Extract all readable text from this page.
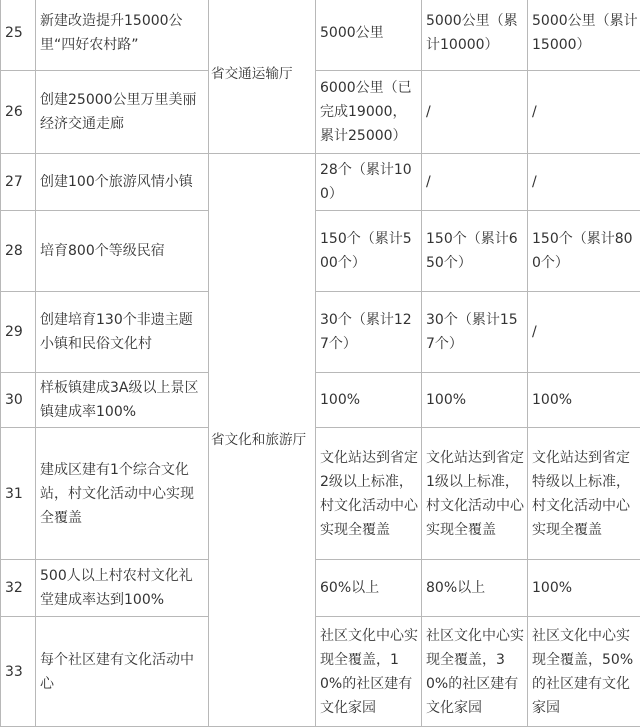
25	新建改造提升15000公里“四好农村路”	省交通运输厅	5000公里	5000公里（累计10000）	5000公里（累计15000）
26	创建25000公里万里美丽经济交通走廊		6000公里（已完成19000，累计25000）	/	/
27	创建100个旅游风情小镇	省文化和旅游厅	28个（累计100）	/	/
28	培育800个等级民宿		150个（累计500个）	150个（累计650个）	150个（累计800个）
29	创建培育130个非遗主题小镇和民俗文化村		30个（累计127个）	30个（累计157个）	/
30	样板镇建成3A级以上景区镇建成率100%		100%	100%	100%
31	建成区建有1个综合文化站，村文化活动中心实现全覆盖		文化站达到省定2级以上标准，村文化活动中心实现全覆盖	文化站达到省定1级以上标准，村文化活动中心实现全覆盖	文化站达到省定特级以上标准，村文化活动中心实现全覆盖
32	500人以上村农村文化礼堂建成率达到100%		60%以上	80%以上	100%
33	每个社区建有文化活动中心		社区文化中心实现全覆盖，10%的社区建有文化家园	社区文化中心实现全覆盖，30%的社区建有文化家园	社区文化中心实现全覆盖，50%的社区建有文化家园
